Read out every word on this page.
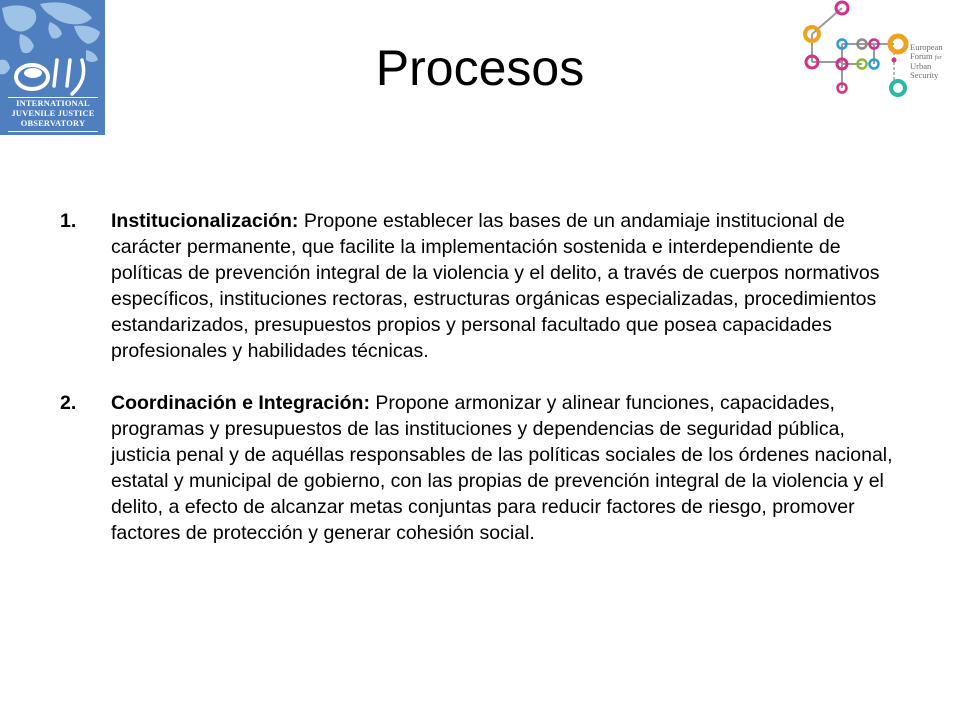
INTERNATIONAL
JUVENILE JUSTICE
OBSERVATORY
European
Forum for
Urban
Security
Procesos
1. Institucionalización: Propone establecer las bases de un andamiaje institucional de carácter permanente, que facilite la implementación sostenida e interdependiente de políticas de prevención integral de la violencia y el delito, a través de cuerpos normativos específicos, instituciones rectoras, estructuras orgánicas especializadas, procedimientos estandarizados, presupuestos propios y personal facultado que posea capacidades profesionales y habilidades técnicas.
2. Coordinación e Integración: Propone armonizar y alinear funciones, capacidades, programas y presupuestos de las instituciones y dependencias de seguridad pública, justicia penal y de aquéllas responsables de las políticas sociales de los órdenes nacional, estatal y municipal de gobierno, con las propias de prevención integral de la violencia y el delito, a efecto de alcanzar metas conjuntas para reducir factores de riesgo, promover factores de protección y generar cohesión social.
